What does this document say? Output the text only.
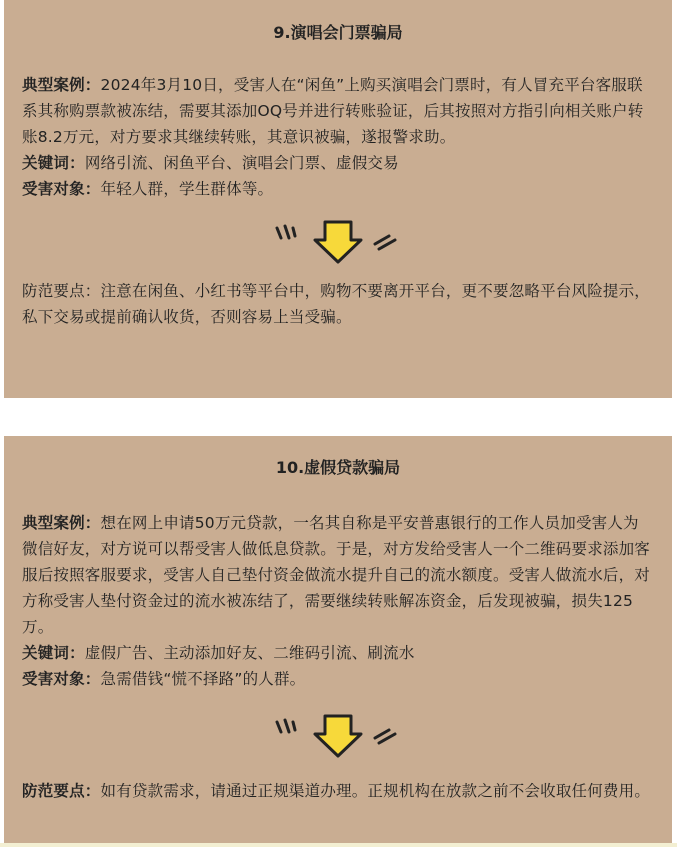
9.演唱会门票骗局

典型案例：2024年3月10日，受害人在“闲鱼”上购买演唱会门票时，有人冒充平台客服联系其称购票款被冻结，需要其添加OQ号并进行转账验证，后其按照对方指引向相关账户转账8.2万元，对方要求其继续转账，其意识被骗，遂报警求助。

关键词：网络引流、闲鱼平台、演唱会门票、虚假交易

受害对象：年轻人群，学生群体等。

防范要点：注意在闲鱼、小红书等平台中，购物不要离开平台，更不要忽略平台风险提示，私下交易或提前确认收货，否则容易上当受骗。

10.虚假贷款骗局

典型案例：想在网上申请50万元贷款，一名其自称是平安普惠银行的工作人员加受害人为微信好友，对方说可以帮受害人做低息贷款。于是，对方发给受害人一个二维码要求添加客服后按照客服要求，受害人自己垫付资金做流水提升自己的流水额度。受害人做流水后，对方称受害人垫付资金过的流水被冻结了，需要继续转账解冻资金，后发现被骗，损失125万。

关键词：虚假广告、主动添加好友、二维码引流、刷流水

受害对象：急需借钱“慌不择路”的人群。

防范要点：如有贷款需求，请通过正规渠道办理。正规机构在放款之前不会收取任何费用。
